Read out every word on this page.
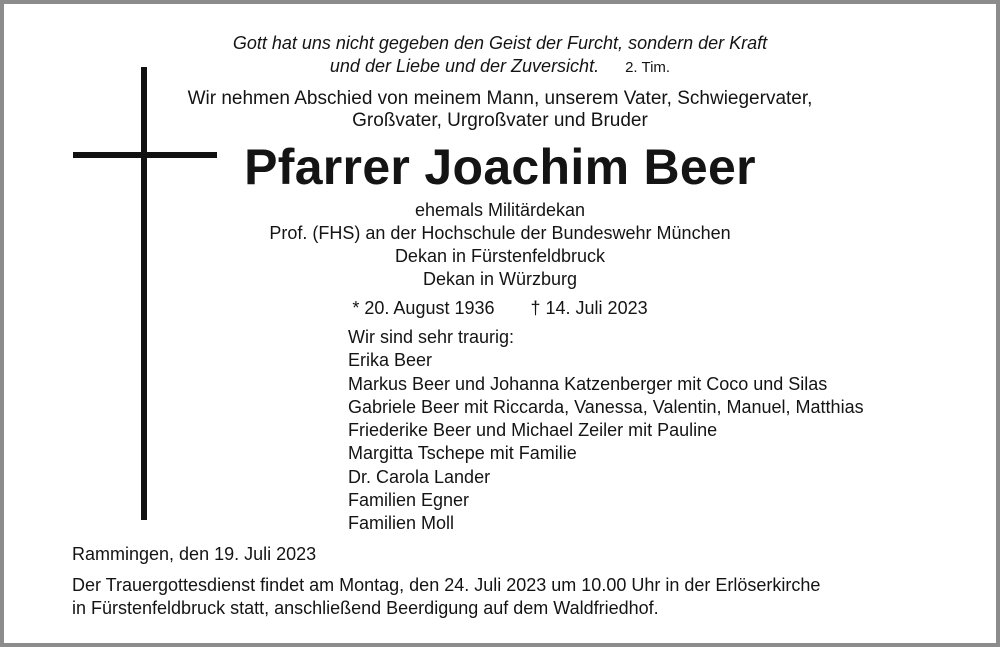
Gott hat uns nicht gegeben den Geist der Furcht, sondern der Kraft
und der Liebe und der Zuversicht. 2. Tim.
Wir nehmen Abschied von meinem Mann, unserem Vater, Schwiegervater,
Großvater, Urgroßvater und Bruder
Pfarrer Joachim Beer
ehemals Militärdekan
Prof. (FHS) an der Hochschule der Bundeswehr München
Dekan in Fürstenfeldbruck
Dekan in Würzburg
* 20. August 1936 † 14. Juli 2023
Wir sind sehr traurig:
Erika Beer
Markus Beer und Johanna Katzenberger mit Coco und Silas
Gabriele Beer mit Riccarda, Vanessa, Valentin, Manuel, Matthias
Friederike Beer und Michael Zeiler mit Pauline
Margitta Tschepe mit Familie
Dr. Carola Lander
Familien Egner
Familien Moll
Rammingen, den 19. Juli 2023
Der Trauergottesdienst findet am Montag, den 24. Juli 2023 um 10.00 Uhr in der Erlöserkirche
in Fürstenfeldbruck statt, anschließend Beerdigung auf dem Waldfriedhof.
